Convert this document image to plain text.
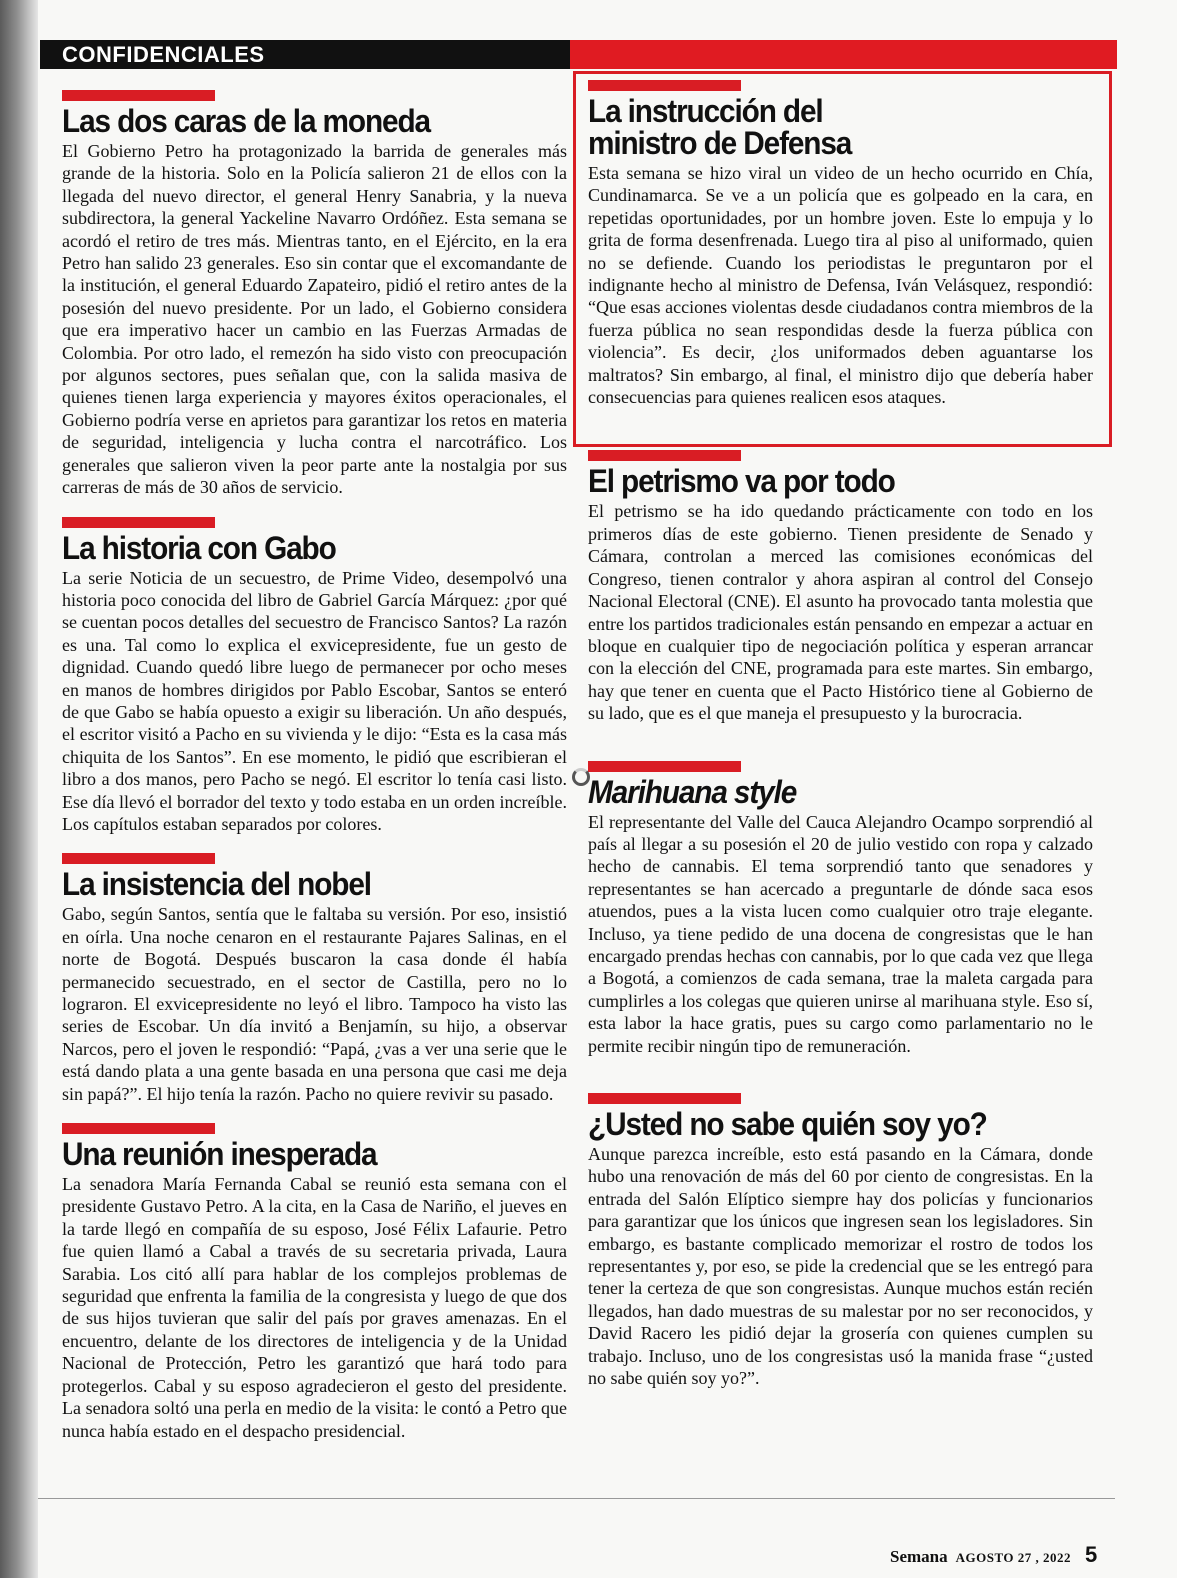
CONFIDENCIALES
Las dos caras de la moneda

El Gobierno Petro ha protagonizado la barrida de generales más grande de la historia. Solo en la Policía salieron 21 de ellos con la llegada del nuevo director, el general Henry Sanabria, y la nueva subdirectora, la general Yackeline Navarro Ordóñez. Esta semana se acordó el retiro de tres más. Mientras tanto, en el Ejército, en la era Petro han salido 23 generales. Eso sin contar que el excomandante de la institución, el general Eduardo Zapateiro, pidió el retiro antes de la posesión del nuevo presidente. Por un lado, el Gobierno considera que era imperativo hacer un cambio en las Fuerzas Armadas de Colombia. Por otro lado, el remezón ha sido visto con preocupación por algunos sectores, pues señalan que, con la salida masiva de quienes tienen larga experiencia y mayores éxitos operacionales, el Gobierno podría verse en aprietos para garantizar los retos en materia de seguridad, inteligencia y lucha contra el narcotráfico. Los generales que salieron viven la peor parte ante la nostalgia por sus carreras de más de 30 años de servicio.

La historia con Gabo

La serie Noticia de un secuestro, de Prime Video, desempolvó una historia poco conocida del libro de Gabriel García Márquez: ¿por qué se cuentan pocos detalles del secuestro de Francisco Santos? La razón es una. Tal como lo explica el exvicepresidente, fue un gesto de dignidad. Cuando quedó libre luego de permanecer por ocho meses en manos de hombres dirigidos por Pablo Escobar, Santos se enteró de que Gabo se había opuesto a exigir su liberación. Un año después, el escritor visitó a Pacho en su vivienda y le dijo: “Esta es la casa más chiquita de los Santos”. En ese momento, le pidió que escribieran el libro a dos manos, pero Pacho se negó. El escritor lo tenía casi listo. Ese día llevó el borrador del texto y todo estaba en un orden increíble. Los capítulos estaban separados por colores.

La insistencia del nobel

Gabo, según Santos, sentía que le faltaba su versión. Por eso, insistió en oírla. Una noche cenaron en el restaurante Pajares Salinas, en el norte de Bogotá. Después buscaron la casa donde él había permanecido secuestrado, en el sector de Castilla, pero no lo lograron. El exvicepresidente no leyó el libro. Tampoco ha visto las series de Escobar. Un día invitó a Benjamín, su hijo, a observar Narcos, pero el joven le respondió: “Papá, ¿vas a ver una serie que le está dando plata a una gente basada en una persona que casi me deja sin papá?”. El hijo tenía la razón. Pacho no quiere revivir su pasado.

Una reunión inesperada

La senadora María Fernanda Cabal se reunió esta semana con el presidente Gustavo Petro. A la cita, en la Casa de Nariño, el jueves en la tarde llegó en compañía de su esposo, José Félix Lafaurie. Petro fue quien llamó a Cabal a través de su secretaria privada, Laura Sarabia. Los citó allí para hablar de los complejos problemas de seguridad que enfrenta la familia de la congresista y luego de que dos de sus hijos tuvieran que salir del país por graves amenazas. En el encuentro, delante de los directores de inteligencia y de la Unidad Nacional de Protección, Petro les garantizó que hará todo para protegerlos. Cabal y su esposo agradecieron el gesto del presidente. La senadora soltó una perla en medio de la visita: le contó a Petro que nunca había estado en el despacho presidencial.

La instrucción del ministro de Defensa

Esta semana se hizo viral un video de un hecho ocurrido en Chía, Cundinamarca. Se ve a un policía que es golpeado en la cara, en repetidas oportunidades, por un hombre joven. Este lo empuja y lo grita de forma desenfrenada. Luego tira al piso al uniformado, quien no se defiende. Cuando los periodistas le preguntaron por el indignante hecho al ministro de Defensa, Iván Velásquez, respondió: “Que esas acciones violentas desde ciudadanos contra miembros de la fuerza pública no sean respondidas desde la fuerza pública con violencia”. Es decir, ¿los uniformados deben aguantarse los maltratos? Sin embargo, al final, el ministro dijo que debería haber consecuencias para quienes realicen esos ataques.

El petrismo va por todo

El petrismo se ha ido quedando prácticamente con todo en los primeros días de este gobierno. Tienen presidente de Senado y Cámara, controlan a merced las comisiones económicas del Congreso, tienen contralor y ahora aspiran al control del Consejo Nacional Electoral (CNE). El asunto ha provocado tanta molestia que entre los partidos tradicionales están pensando en empezar a actuar en bloque en cualquier tipo de negociación política y esperan arrancar con la elección del CNE, programada para este martes. Sin embargo, hay que tener en cuenta que el Pacto Histórico tiene al Gobierno de su lado, que es el que maneja el presupuesto y la burocracia.

Marihuana style

El representante del Valle del Cauca Alejandro Ocampo sorprendió al país al llegar a su posesión el 20 de julio vestido con ropa y calzado hecho de cannabis. El tema sorprendió tanto que senadores y representantes se han acercado a preguntarle de dónde saca esos atuendos, pues a la vista lucen como cualquier otro traje elegante. Incluso, ya tiene pedido de una docena de congresistas que le han encargado prendas hechas con cannabis, por lo que cada vez que llega a Bogotá, a comienzos de cada semana, trae la maleta cargada para cumplirles a los colegas que quieren unirse al marihuana style. Eso sí, esta labor la hace gratis, pues su cargo como parlamentario no le permite recibir ningún tipo de remuneración.

¿Usted no sabe quién soy yo?

Aunque parezca increíble, esto está pasando en la Cámara, donde hubo una renovación de más del 60 por ciento de congresistas. En la entrada del Salón Elíptico siempre hay dos policías y funcionarios para garantizar que los únicos que ingresen sean los legisladores. Sin embargo, es bastante complicado memorizar el rostro de todos los representantes y, por eso, se pide la credencial que se les entregó para tener la certeza de que son congresistas. Aunque muchos están recién llegados, han dado muestras de su malestar por no ser reconocidos, y David Racero les pidió dejar la grosería con quienes cumplen su trabajo. Incluso, uno de los congresistas usó la manida frase “¿usted no sabe quién soy yo?”.

Semana AGOSTO 27 , 2022 5
